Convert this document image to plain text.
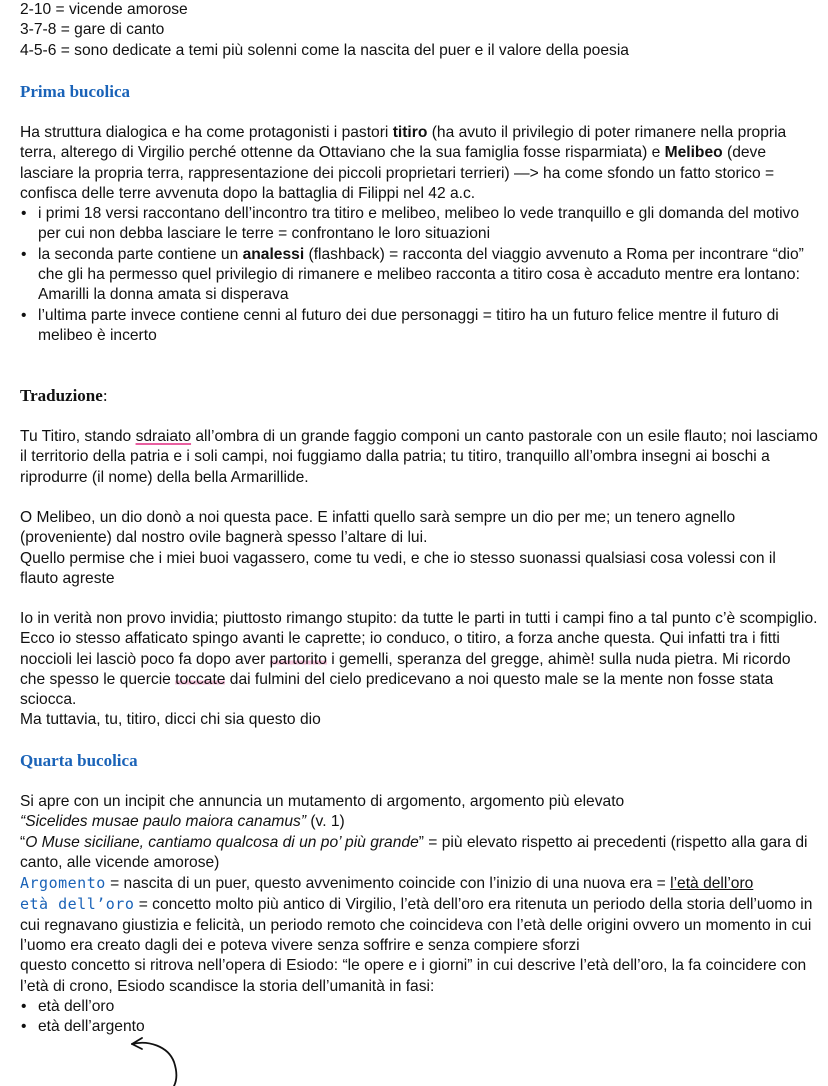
2-10 = vicende amorose

3-7-8 = gare di canto

4-5-6 = sono dedicate a temi più solenni come la nascita del puer e il valore della poesia

Prima bucolica

Ha struttura dialogica e ha come protagonisti i pastori titiro (ha avuto il privilegio di poter rimanere nella propria terra, alterego di Virgilio perché ottenne da Ottaviano che la sua famiglia fosse risparmiata) e Melibeo (deve lasciare la propria terra, rappresentazione dei piccoli proprietari terrieri) —> ha come sfondo un fatto storico = confisca delle terre avvenuta dopo la battaglia di Filippi nel 42 a.c.

• i primi 18 versi raccontano dell’incontro tra titiro e melibeo, melibeo lo vede tranquillo e gli domanda del motivo per cui non debba lasciare le terre = confrontano le loro situazioni
• la seconda parte contiene un analessi (flashback) = racconta del viaggio avvenuto a Roma per incontrare “dio” che gli ha permesso quel privilegio di rimanere e melibeo racconta a titiro cosa è accaduto mentre era lontano: Amarilli la donna amata si disperava
• l’ultima parte invece contiene cenni al futuro dei due personaggi = titiro ha un futuro felice mentre il futuro di melibeo è incerto
Traduzione:

Tu Titiro, stando sdraiato all’ombra di un grande faggio componi un canto pastorale con un esile flauto; noi lasciamo il territorio della patria e i soli campi, noi fuggiamo dalla patria; tu titiro, tranquillo all’ombra insegni ai boschi a riprodurre (il nome) della bella Armarillide.

O Melibeo, un dio donò a noi questa pace. E infatti quello sarà sempre un dio per me; un tenero agnello (proveniente) dal nostro ovile bagnerà spesso l’altare di lui.

Quello permise che i miei buoi vagassero, come tu vedi, e che io stesso suonassi qualsiasi cosa volessi con il flauto agreste

Io in verità non provo invidia; piuttosto rimango stupito: da tutte le parti in tutti i campi fino a tal punto c’è scompiglio. Ecco io stesso affaticato spingo avanti le caprette; io conduco, o titiro, a forza anche questa. Qui infatti tra i fitti noccioli lei lasciò poco fa dopo aver partorito i gemelli, speranza del gregge, ahimè! sulla nuda pietra. Mi ricordo che spesso le quercie toccate dai fulmini del cielo predicevano a noi questo male se la mente non fosse stata sciocca.

Ma tuttavia, tu, titiro, dicci chi sia questo dio

Quarta bucolica

Si apre con un incipit che annuncia un mutamento di argomento, argomento più elevato

“Sicelides musae paulo maiora canamus” (v. 1)

“O Muse siciliane, cantiamo qualcosa di un po’ più grande” = più elevato rispetto ai precedenti (rispetto alla gara di canto, alle vicende amorose)

Argomento = nascita di un puer, questo avvenimento coincide con l’inizio di una nuova era = l’età dell’oro

età dell’oro = concetto molto più antico di Virgilio, l’età dell’oro era ritenuta un periodo della storia dell’uomo in cui regnavano giustizia e felicità, un periodo remoto che coincideva con l’età delle origini ovvero un momento in cui l’uomo era creato dagli dei e poteva vivere senza soffrire e senza compiere sforzi

questo concetto si ritrova nell’opera di Esiodo: “le opere e i giorni” in cui descrive l’età dell’oro, la fa coincidere con l’età di crono, Esiodo scandisce la storia dell’umanità in fasi:

• età dell’oro
• età dell’argento
